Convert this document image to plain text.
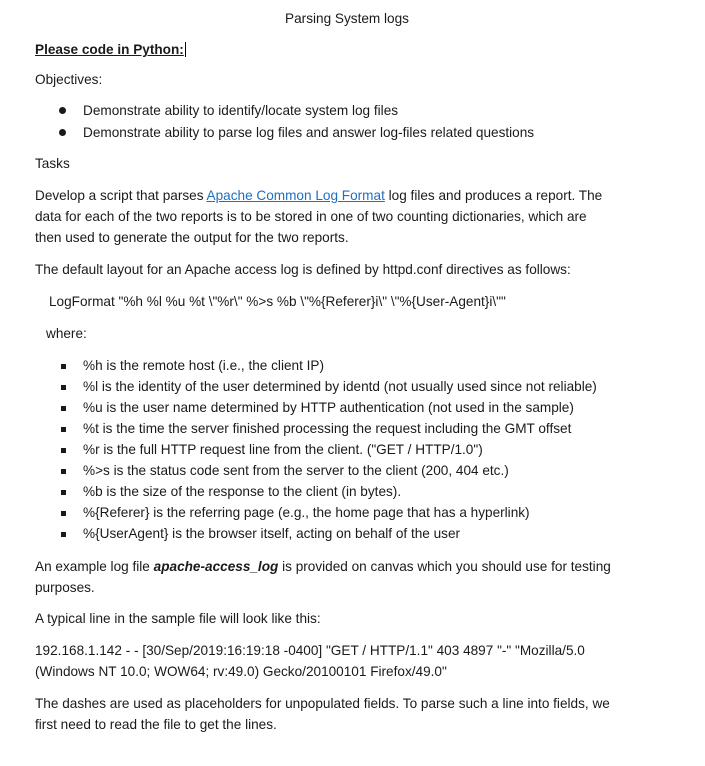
Parsing System logs
Please code in Python:
Objectives:
Demonstrate ability to identify/locate system log files
Demonstrate ability to parse log files and answer log-files related questions
Tasks
Develop a script that parses Apache Common Log Format log files and produces a report. The
data for each of the two reports is to be stored in one of two counting dictionaries, which are
then used to generate the output for the two reports.
The default layout for an Apache access log is defined by httpd.conf directives as follows:
LogFormat "%h %l %u %t \"%r\" %>s %b \"%{Referer}i\" \"%{User-Agent}i\""
where:
%h is the remote host (i.e., the client IP)
%l is the identity of the user determined by identd (not usually used since not reliable)
%u is the user name determined by HTTP authentication (not used in the sample)
%t is the time the server finished processing the request including the GMT offset
%r is the full HTTP request line from the client. ("GET / HTTP/1.0")
%>s is the status code sent from the server to the client (200, 404 etc.)
%b is the size of the response to the client (in bytes).
%{Referer} is the referring page (e.g., the home page that has a hyperlink)
%{UserAgent} is the browser itself, acting on behalf of the user
An example log file apache-access_log is provided on canvas which you should use for testing
purposes.
A typical line in the sample file will look like this:
192.168.1.142 - - [30/Sep/2019:16:19:18 -0400] "GET / HTTP/1.1" 403 4897 "-" "Mozilla/5.0
(Windows NT 10.0; WOW64; rv:49.0) Gecko/20100101 Firefox/49.0"
The dashes are used as placeholders for unpopulated fields. To parse such a line into fields, we
first need to read the file to get the lines.
